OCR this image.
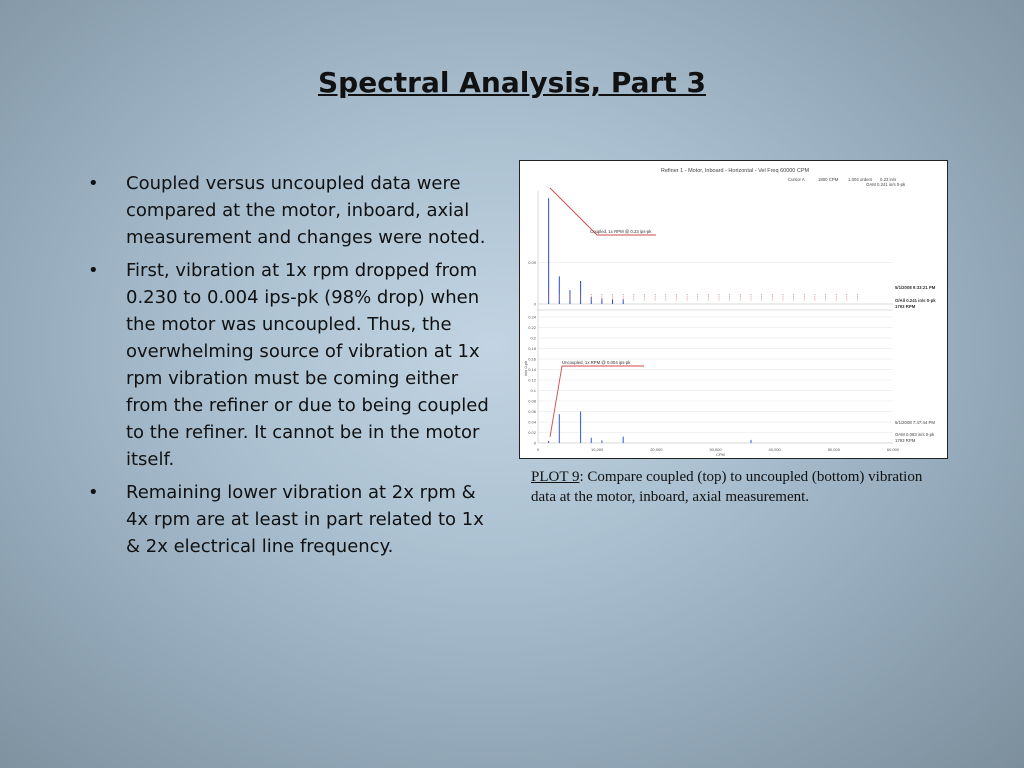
Spectral Analysis, Part 3
• Coupled versus uncoupled data were compared at the motor, inboard, axial measurement and changes were noted.
• First, vibration at 1x rpm dropped from 0.230 to 0.004 ips-pk (98% drop) when the motor was uncoupled. Thus, the overwhelming source of vibration at 1x rpm vibration must be coming either from the refiner or due to being coupled to the refiner. It cannot be in the motor itself.
• Remaining lower vibration at 2x rpm & 4x rpm are at least in part related to 1x & 2x electrical line frequency.
Refiner 1 - Motor, Inboard - Horizontal - Vel Freq 60000 CPM
Cursor A	1800 CPM 1.004 orders 0.23 in/s
OAM 0.241 in/s 0-pk
0
0.09
0
0.02
0.04
0.06
0.08
0.1
0.12
0.14
0.16
0.18
0.2
0.22
0.24
0	10,000	20,000	30,000	40,000	50,000	60,000
in/s 0-pk
CPM
Coupled, 1x RPM @ 0.23 ips-pk
Uncoupled, 1x RPM @ 0.004 ips-pk
5/1/2008 9:33:21 PM
O/All 0.241 in/s 0-pk
1793 RPM
5/1/2008 7:47:44 PM
OAM 0.083 in/s 0-pk
1793 RPM
PLOT 9: Compare coupled (top) to uncoupled (bottom) vibration data at the motor, inboard, axial measurement.
